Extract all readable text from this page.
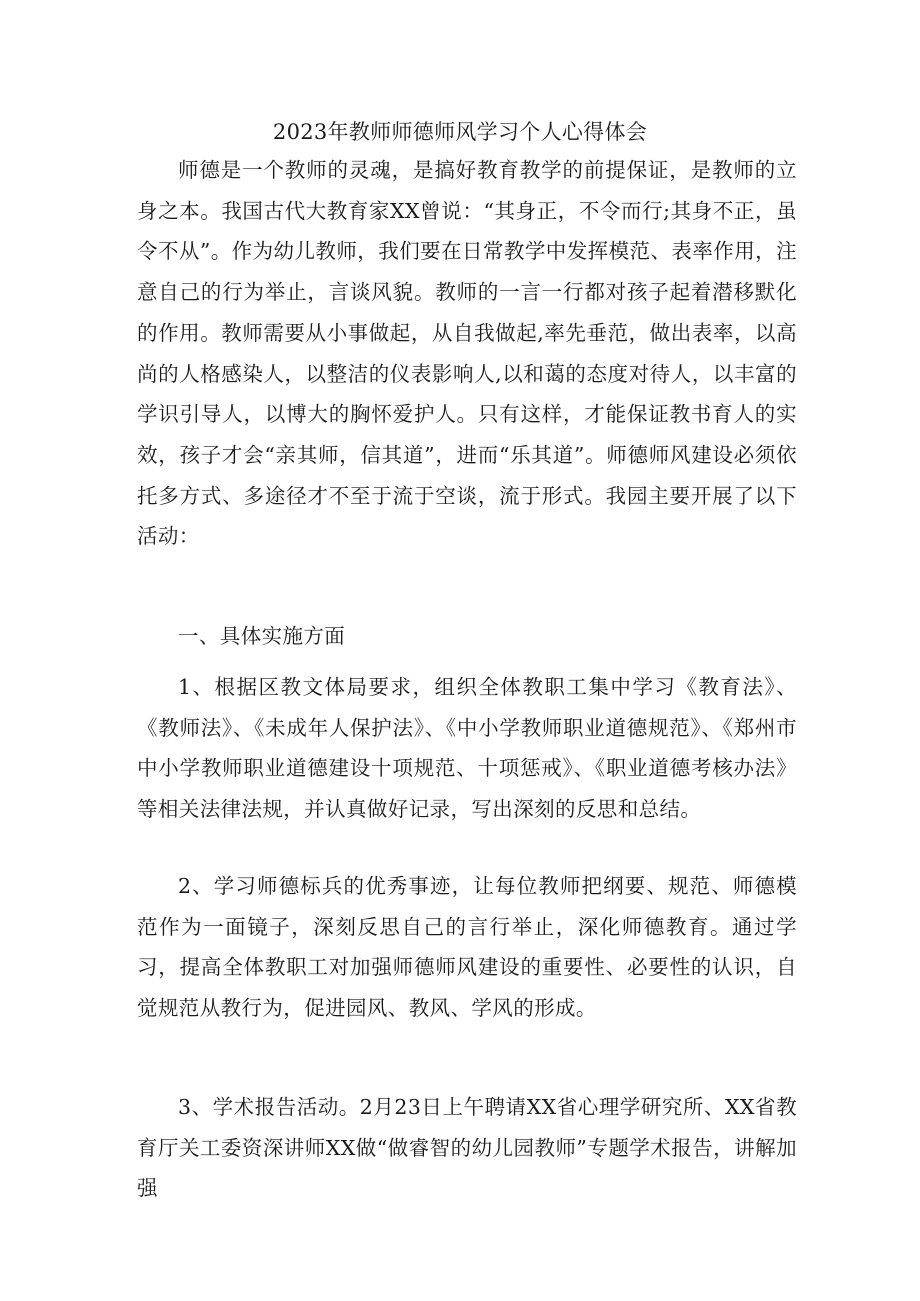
2023年教师师德师风学习个人心得体会

师德是一个教师的灵魂，是搞好教育教学的前提保证，是教师的立身之本。我国古代大教育家XX曾说：“其身正，不令而行;其身不正，虽令不从”。作为幼儿教师，我们要在日常教学中发挥模范、表率作用，注意自己的行为举止，言谈风貌。教师的一言一行都对孩子起着潜移默化的作用。教师需要从小事做起，从自我做起,率先垂范，做出表率，以高尚的人格感染人，以整洁的仪表影响人,以和蔼的态度对待人，以丰富的学识引导人，以博大的胸怀爱护人。只有这样，才能保证教书育人的实效，孩子才会“亲其师，信其道”，进而“乐其道”。师德师风建设必须依托多方式、多途径才不至于流于空谈，流于形式。我园主要开展了以下活动：

一、具体实施方面

1、根据区教文体局要求，组织全体教职工集中学习《教育法》、《教师法》、《未成年人保护法》、《中小学教师职业道德规范》、《郑州市中小学教师职业道德建设十项规范、十项惩戒》、《职业道德考核办法》等相关法律法规，并认真做好记录，写出深刻的反思和总结。

2、学习师德标兵的优秀事迹，让每位教师把纲要、规范、师德模范作为一面镜子，深刻反思自己的言行举止，深化师德教育。通过学习，提高全体教职工对加强师德师风建设的重要性、必要性的认识，自觉规范从教行为，促进园风、教风、学风的形成。

3、学术报告活动。2月23日上午聘请XX省心理学研究所、XX省教育厅关工委资深讲师XX做“做睿智的幼儿园教师”专题学术报告，讲解加强
